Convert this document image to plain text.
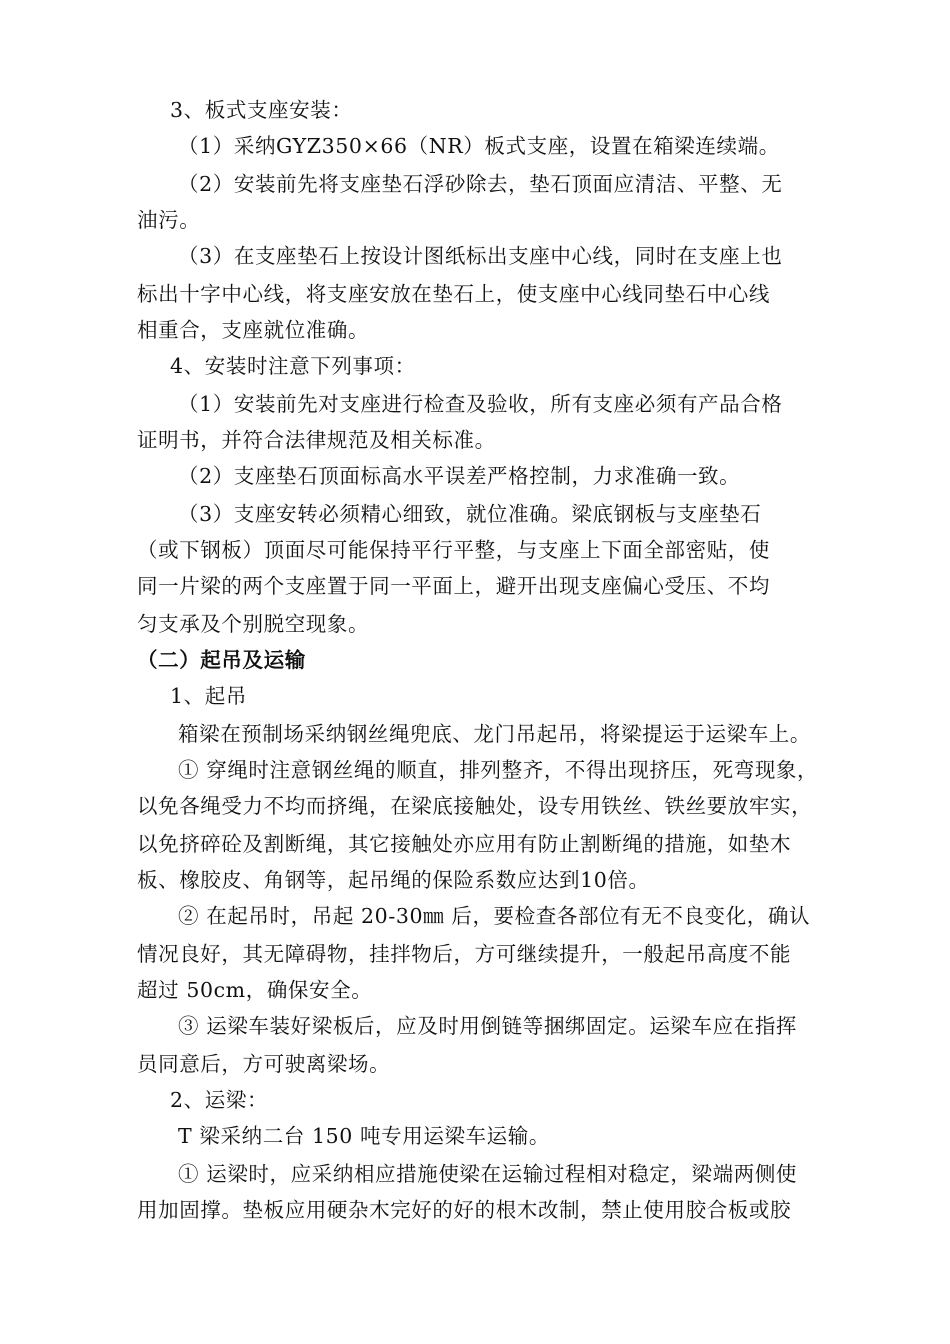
3、板式支座安装：
（1）采纳GYZ350×66（NR）板式支座，设置在箱梁连续端。
（2）安装前先将支座垫石浮砂除去，垫石顶面应清洁、平整、无
油污。
（3）在支座垫石上按设计图纸标出支座中心线，同时在支座上也
标出十字中心线，将支座安放在垫石上，使支座中心线同垫石中心线
相重合，支座就位准确。
4、安装时注意下列事项：
（1）安装前先对支座进行检查及验收，所有支座必须有产品合格
证明书，并符合法律规范及相关标准。
（2）支座垫石顶面标高水平误差严格控制，力求准确一致。
（3）支座安转必须精心细致，就位准确。梁底钢板与支座垫石
（或下钢板）顶面尽可能保持平行平整，与支座上下面全部密贴，使
同一片梁的两个支座置于同一平面上，避开出现支座偏心受压、不均
匀支承及个别脱空现象。
（二）起吊及运输
1、起吊
箱梁在预制场采纳钢丝绳兜底、龙门吊起吊，将梁提运于运梁车上。
① 穿绳时注意钢丝绳的顺直，排列整齐，不得出现挤压，死弯现象，
以免各绳受力不均而挤绳，在梁底接触处，设专用铁丝、铁丝要放牢实，
以免挤碎砼及割断绳，其它接触处亦应用有防止割断绳的措施，如垫木
板、橡胶皮、角钢等，起吊绳的保险系数应达到10倍。
② 在起吊时，吊起 20-30㎜ 后，要检查各部位有无不良变化，确认
情况良好，其无障碍物，挂拌物后，方可继续提升，一般起吊高度不能
超过 50cm，确保安全。
③ 运梁车装好梁板后，应及时用倒链等捆绑固定。运梁车应在指挥
员同意后，方可驶离梁场。
2、运梁：
T 梁采纳二台 150 吨专用运梁车运输。
① 运梁时，应采纳相应措施使梁在运输过程相对稳定，梁端两侧使
用加固撑。垫板应用硬杂木完好的好的根木改制，禁止使用胶合板或胶
